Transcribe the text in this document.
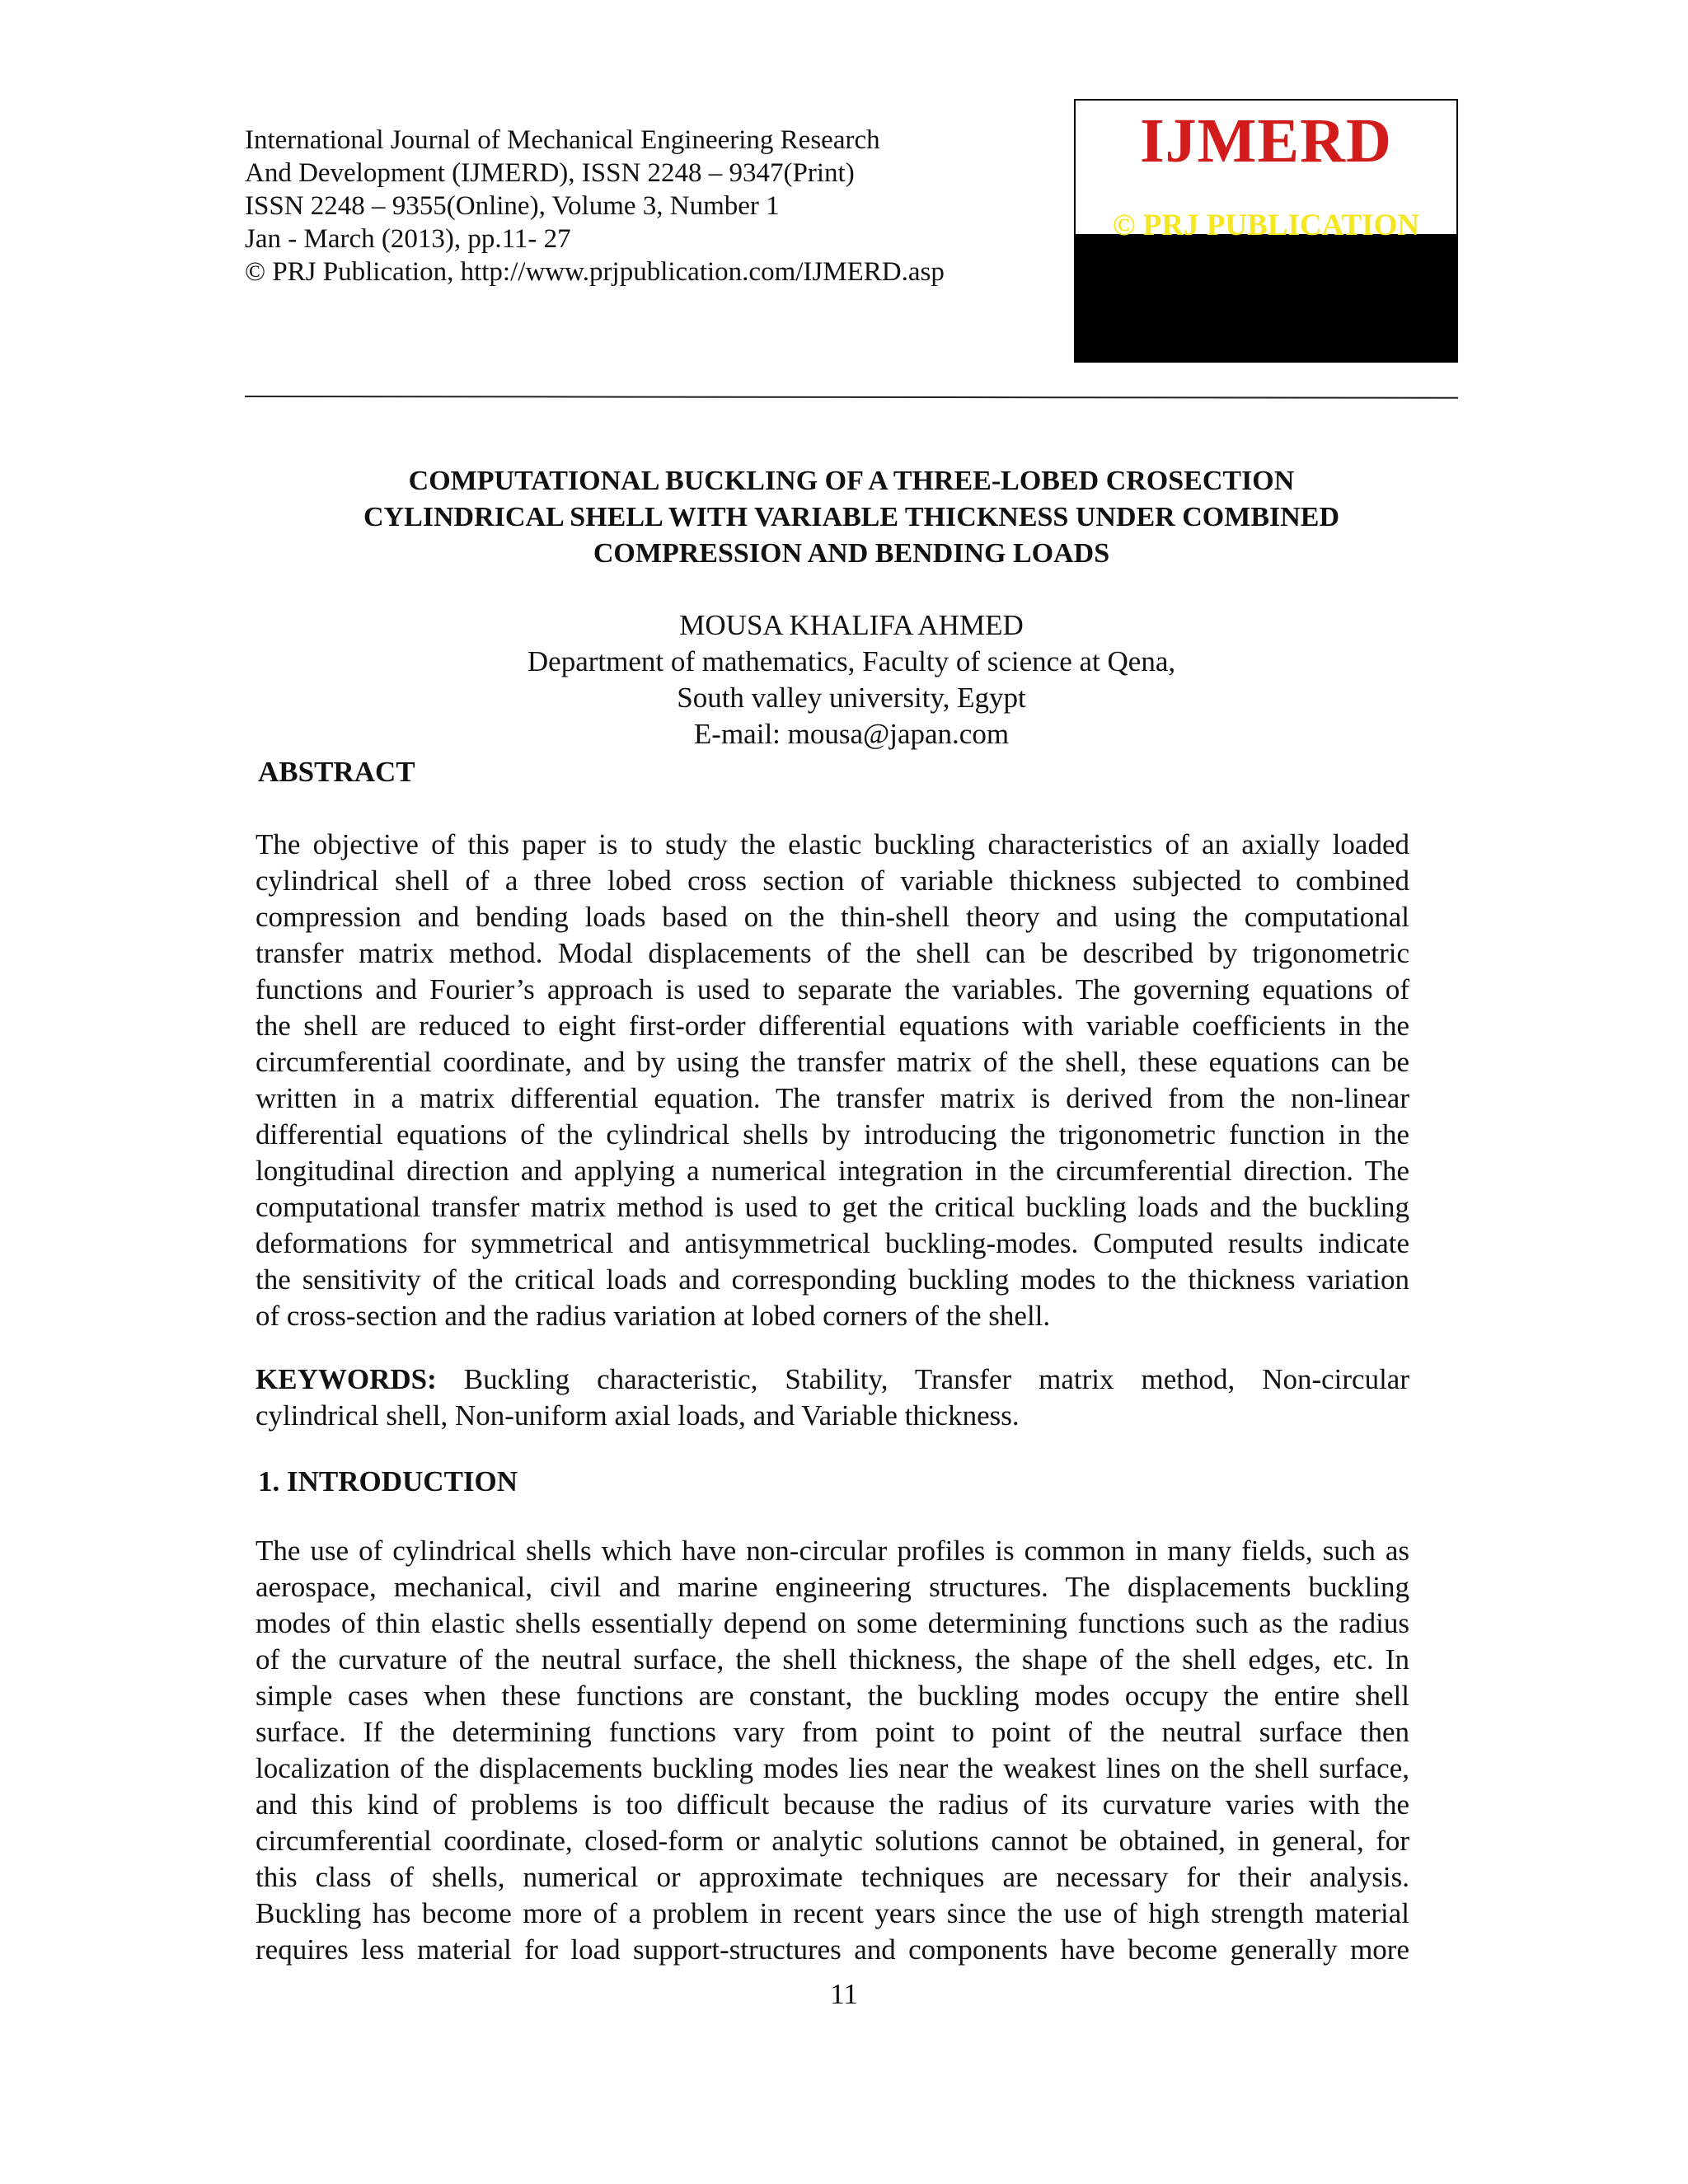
International Journal of Mechanical Engineering Research
And Development (IJMERD), ISSN 2248 – 9347(Print)
ISSN 2248 – 9355(Online), Volume 3, Number 1
Jan - March (2013), pp.11- 27
© PRJ Publication, http://www.prjpublication.com/IJMERD.asp
IJMERD
© PRJ PUBLICATION
COMPUTATIONAL BUCKLING OF A THREE-LOBED CROSECTION
CYLINDRICAL SHELL WITH VARIABLE THICKNESS UNDER COMBINED
COMPRESSION AND BENDING LOADS
MOUSA KHALIFA AHMED
Department of mathematics, Faculty of science at Qena,
South valley university, Egypt
E-mail: mousa@japan.com
ABSTRACT
The objective of this paper is to study the elastic buckling characteristics of an axially loaded
cylindrical shell of a three lobed cross section of variable thickness subjected to combined
compression and bending loads based on the thin-shell theory and using the computational
transfer matrix method. Modal displacements of the shell can be described by trigonometric
functions and Fourier’s approach is used to separate the variables. The governing equations of
the shell are reduced to eight first-order differential equations with variable coefficients in the
circumferential coordinate, and by using the transfer matrix of the shell, these equations can be
written in a matrix differential equation. The transfer matrix is derived from the non-linear
differential equations of the cylindrical shells by introducing the trigonometric function in the
longitudinal direction and applying a numerical integration in the circumferential direction. The
computational transfer matrix method is used to get the critical buckling loads and the buckling
deformations for symmetrical and antisymmetrical buckling-modes. Computed results indicate
the sensitivity of the critical loads and corresponding buckling modes to the thickness variation
of cross-section and the radius variation at lobed corners of the shell.
KEYWORDS: Buckling characteristic, Stability, Transfer matrix method, Non-circular
cylindrical shell, Non-uniform axial loads, and Variable thickness.
1. INTRODUCTION
The use of cylindrical shells which have non-circular profiles is common in many fields, such as
aerospace, mechanical, civil and marine engineering structures. The displacements buckling
modes of thin elastic shells essentially depend on some determining functions such as the radius
of the curvature of the neutral surface, the shell thickness, the shape of the shell edges, etc. In
simple cases when these functions are constant, the buckling modes occupy the entire shell
surface. If the determining functions vary from point to point of the neutral surface then
localization of the displacements buckling modes lies near the weakest lines on the shell surface,
and this kind of problems is too difficult because the radius of its curvature varies with the
circumferential coordinate, closed-form or analytic solutions cannot be obtained, in general, for
this class of shells, numerical or approximate techniques are necessary for their analysis.
Buckling has become more of a problem in recent years since the use of high strength material
requires less material for load support-structures and components have become generally more
11
